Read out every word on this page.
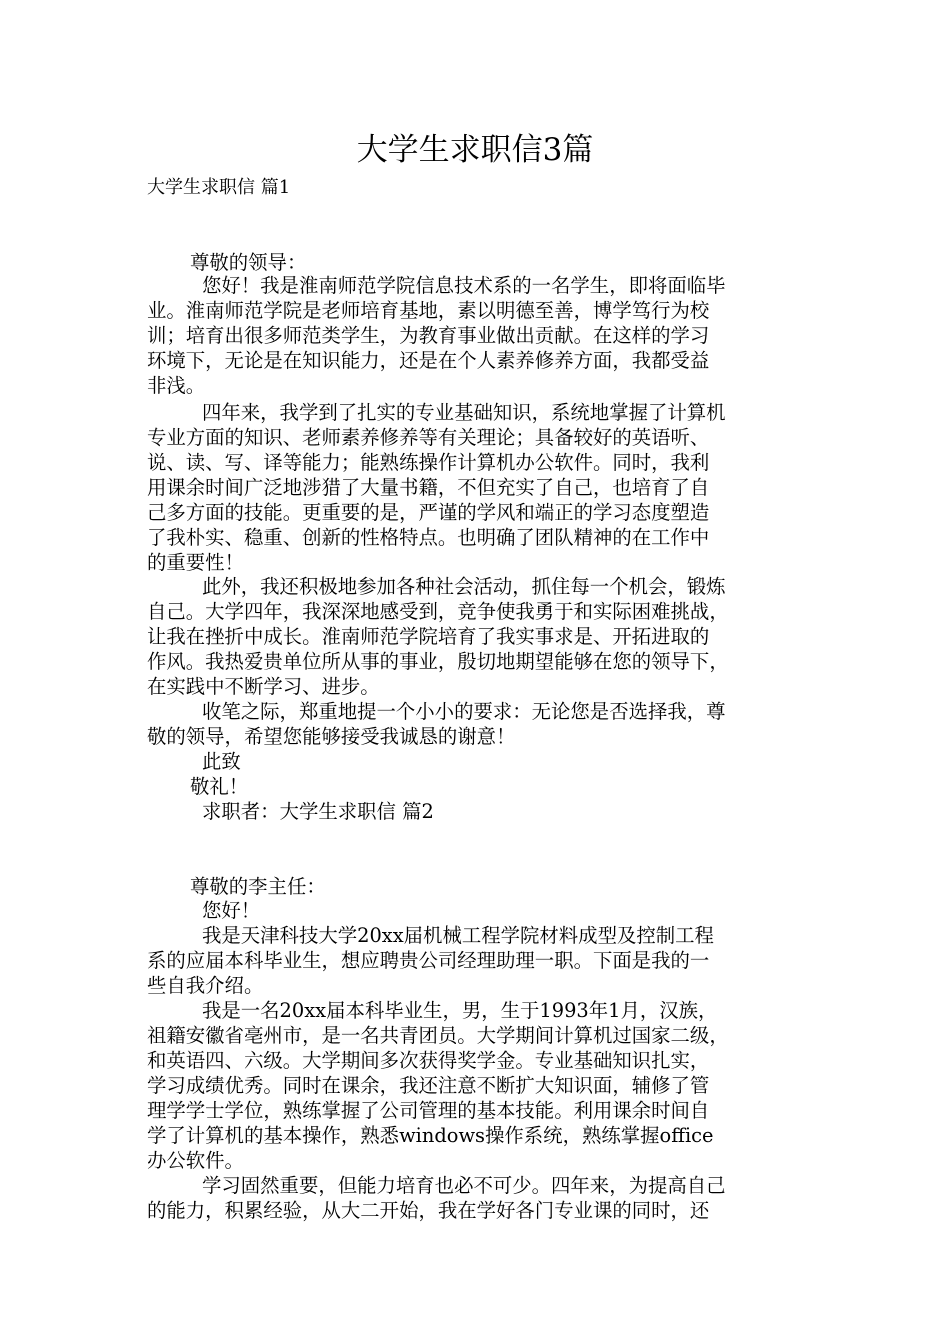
大学生求职信3篇
大学生求职信 篇1
尊敬的领导：
您好！我是淮南师范学院信息技术系的一名学生，即将面临毕
业。淮南师范学院是老师培育基地，素以明德至善，博学笃行为校
训；培育出很多师范类学生，为教育事业做出贡献。在这样的学习
环境下，无论是在知识能力，还是在个人素养修养方面，我都受益
非浅。
四年来，我学到了扎实的专业基础知识，系统地掌握了计算机
专业方面的知识、老师素养修养等有关理论；具备较好的英语听、
说、读、写、译等能力；能熟练操作计算机办公软件。同时，我利
用课余时间广泛地涉猎了大量书籍，不但充实了自己，也培育了自
己多方面的技能。更重要的是，严谨的学风和端正的学习态度塑造
了我朴实、稳重、创新的性格特点。也明确了团队精神的在工作中
的重要性！
此外，我还积极地参加各种社会活动，抓住每一个机会，锻炼
自己。大学四年，我深深地感受到，竞争使我勇于和实际困难挑战，
让我在挫折中成长。淮南师范学院培育了我实事求是、开拓进取的
作风。我热爱贵单位所从事的事业，殷切地期望能够在您的领导下，
在实践中不断学习、进步。
收笔之际，郑重地提一个小小的要求：无论您是否选择我，尊
敬的领导，希望您能够接受我诚恳的谢意！
此致
敬礼！
求职者：大学生求职信 篇2
尊敬的李主任：
您好！
我是天津科技大学20xx届机械工程学院材料成型及控制工程
系的应届本科毕业生，想应聘贵公司经理助理一职。下面是我的一
些自我介绍。
我是一名20xx届本科毕业生，男，生于1993年1月，汉族，
祖籍安徽省亳州市，是一名共青团员。大学期间计算机过国家二级，
和英语四、六级。大学期间多次获得奖学金。专业基础知识扎实，
学习成绩优秀。同时在课余，我还注意不断扩大知识面，辅修了管
理学学士学位，熟练掌握了公司管理的基本技能。利用课余时间自
学了计算机的基本操作，熟悉windows操作系统，熟练掌握office
办公软件。
学习固然重要，但能力培育也必不可少。四年来，为提高自己
的能力，积累经验，从大二开始，我在学好各门专业课的同时，还
